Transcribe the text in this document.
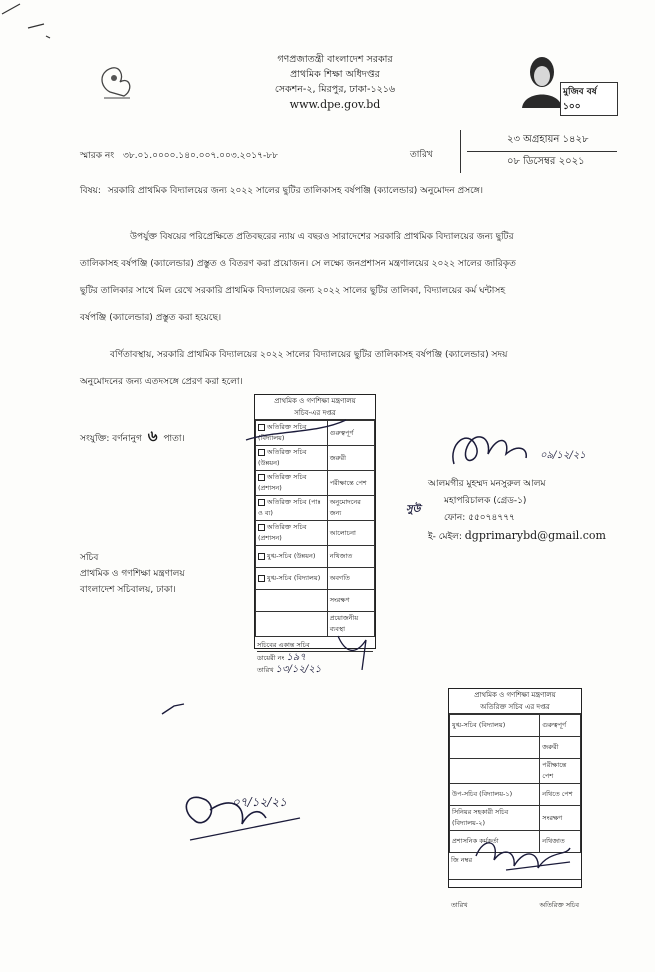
গণপ্রজাতন্ত্রী বাংলাদেশ সরকার
প্রাথমিক শিক্ষা অধিদপ্তর
সেকশন-২, মিরপুর, ঢাকা-১২১৬
www.dpe.gov.bd
মুজিব বর্ষ ১০০
স্মারক নং ৩৮.০১.০০০০.১৪০.০০৭.০০৩.২০১৭-৮৮	তারিখ
২৩ অগ্রহায়ন ১৪২৮
০৮ ডিসেম্বর ২০২১
বিষয়: সরকারি প্রাথমিক বিদ্যালয়ের জন্য ২০২২ সালের ছুটির তালিকাসহ বর্ষপঞ্জি (ক্যালেন্ডার) অনুমোদন প্রসঙ্গে।
উপর্যুক্ত বিষয়ের পরিপ্রেক্ষিতে প্রতিবছরের ন্যায় এ বছরও সারাদেশের সরকারি প্রাথমিক বিদ্যালয়ের জন্য ছুটির
তালিকাসহ বর্ষপঞ্জি (ক্যালেন্ডার) প্রস্তুত ও বিতরণ করা প্রয়োজন। সে লক্ষ্যে জনপ্রশাসন মন্ত্রণালয়ের ২০২২ সালের জারিকৃত
ছুটির তালিকার সাথে মিল রেখে সরকারি প্রাথমিক বিদ্যালয়ের জন্য ২০২২ সালের ছুটির তালিকা, বিদ্যালয়ের কর্ম ঘন্টাসহ
বর্ষপঞ্জি (ক্যালেন্ডার) প্রস্তুত করা হয়েছে।
বর্ণিতাবস্থায়, সরকারি প্রাথমিক বিদ্যালয়ের ২০২২ সালের বিদ্যালয়ের ছুটির তালিকাসহ বর্ষপঞ্জি (ক্যালেন্ডার) সদয়
অনুমোদনের জন্য এতদসঙ্গে প্রেরণ করা হলো।
সংযুক্তি: বর্ণনানুগ ৬ পাতা।
প্রাথমিক ও গণশিক্ষা মন্ত্রণালয়
সচিব-এর দপ্তর
অতিরিক্ত সচিব (বিদ্যালয়)	গুরুত্বপূর্ণ
অতিরিক্ত সচিব (উন্নয়ন)	জরুরী
অতিরিক্ত সচিব (প্রশাসন)	পরীক্ষান্তে পেশ
অতিরিক্ত সচিব (পাঃ ও ব্য)	অনুমোদনের জন্য
অতিরিক্ত সচিব (প্রশাসন)	আলোচনা
যুগ্ম-সচিব (উন্নয়ন)	নথিজাত
যুগ্ম-সচিব (বিদ্যালয়)	অবগতি
	সংরক্ষণ
	প্রয়োজনীয় ব্যবস্থা
সচিবের একান্ত সচিব
ডায়েরী নং ১৯৭
তারিখ ১৩/১২/২১
০৯/১২/২১
আলমগীর মুহম্মদ মনসুরুল আলম
মহাপরিচালক (গ্রেড-১)
ফোন: ৫৫০৭৪৭৭৭
ই- মেইল: dgprimarybd@gmail.com
সুউ
সচিব
প্রাথমিক ও গণশিক্ষা মন্ত্রণালয়
বাংলাদেশ সচিবালয়, ঢাকা।
প্রাথমিক ও গণশিক্ষা মন্ত্রণালয়
অতিরিক্ত সচিব এর দপ্তর
যুগ্ম-সচিব (বিদ্যালয়)	গুরুত্বপূর্ণ
	জরুরী
	পরীক্ষান্তে পেশ
উপ-সচিব (বিদ্যালয়-১)	নথিতে পেশ
সিনিয়র সহকারী সচিব (বিদ্যালয়-২)	সংরক্ষণ
প্রশাসনিক কর্মকর্তা	নথিজাত
জি নম্বর
তারিখ	অতিরিক্ত সচিব
০৭/১২/২১
